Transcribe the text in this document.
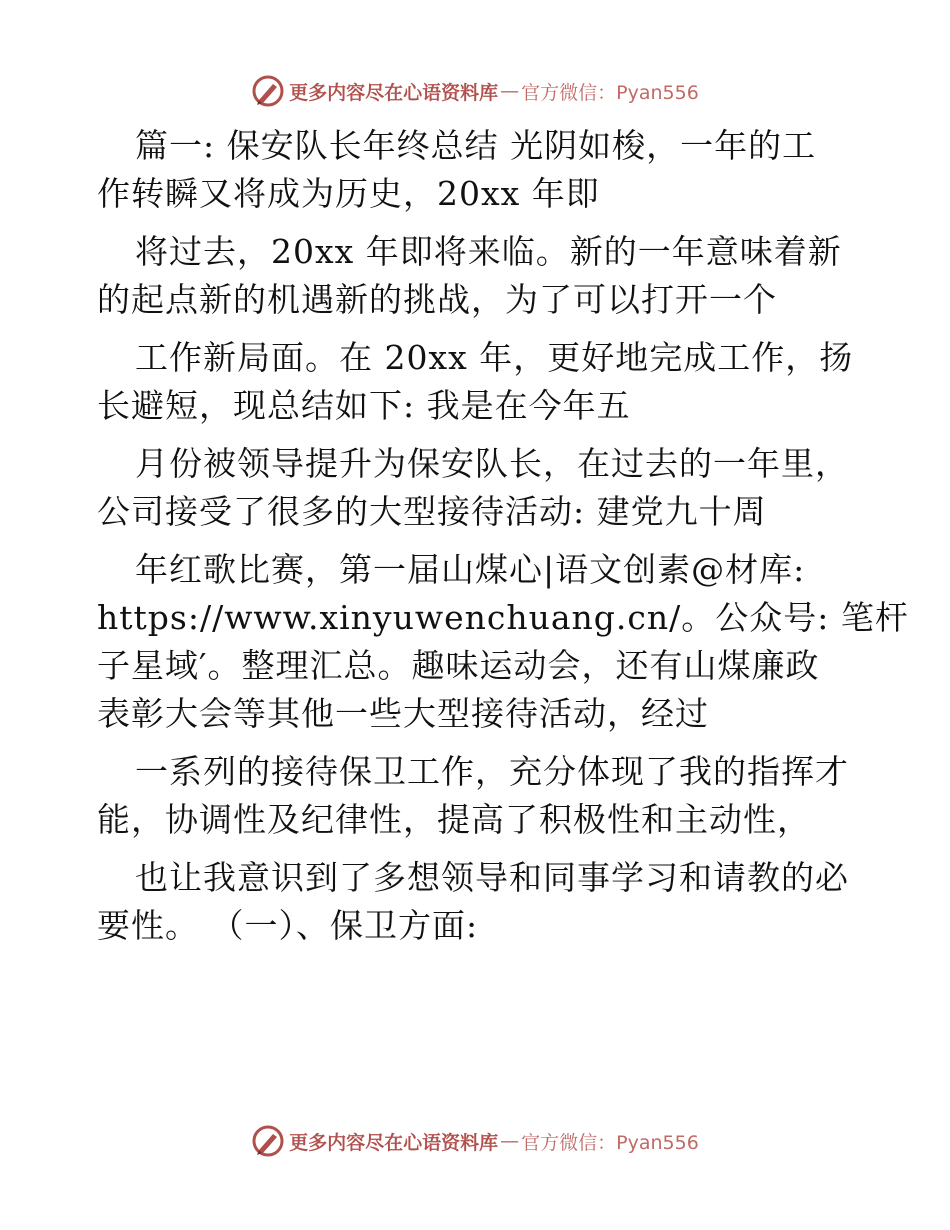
更多内容尽在心语资料库 — 官方微信：Pyan556
篇一: 保安队长年终总结 光阴如梭，一年的工
作转瞬又将成为历史，20xx 年即
将过去，20xx 年即将来临。新的一年意味着新
的起点新的机遇新的挑战，为了可以打开一个
工作新局面。在 20xx 年，更好地完成工作，扬
长避短，现总结如下: 我是在今年五
月份被领导提升为保安队长，在过去的一年里，
公司接受了很多的大型接待活动: 建党九十周
年红歌比赛，第一届山煤心|语文创素@材库:
https://www.xinyuwenchuang.cn/。公众号: 笔杆
子星域′。整理汇总。趣味运动会，还有山煤廉政
表彰大会等其他一些大型接待活动，经过
一系列的接待保卫工作，充分体现了我的指挥才
能，协调性及纪律性，提高了积极性和主动性，
也让我意识到了多想领导和同事学习和请教的必
要性。 （一）、保卫方面:
更多内容尽在心语资料库 — 官方微信：Pyan556
